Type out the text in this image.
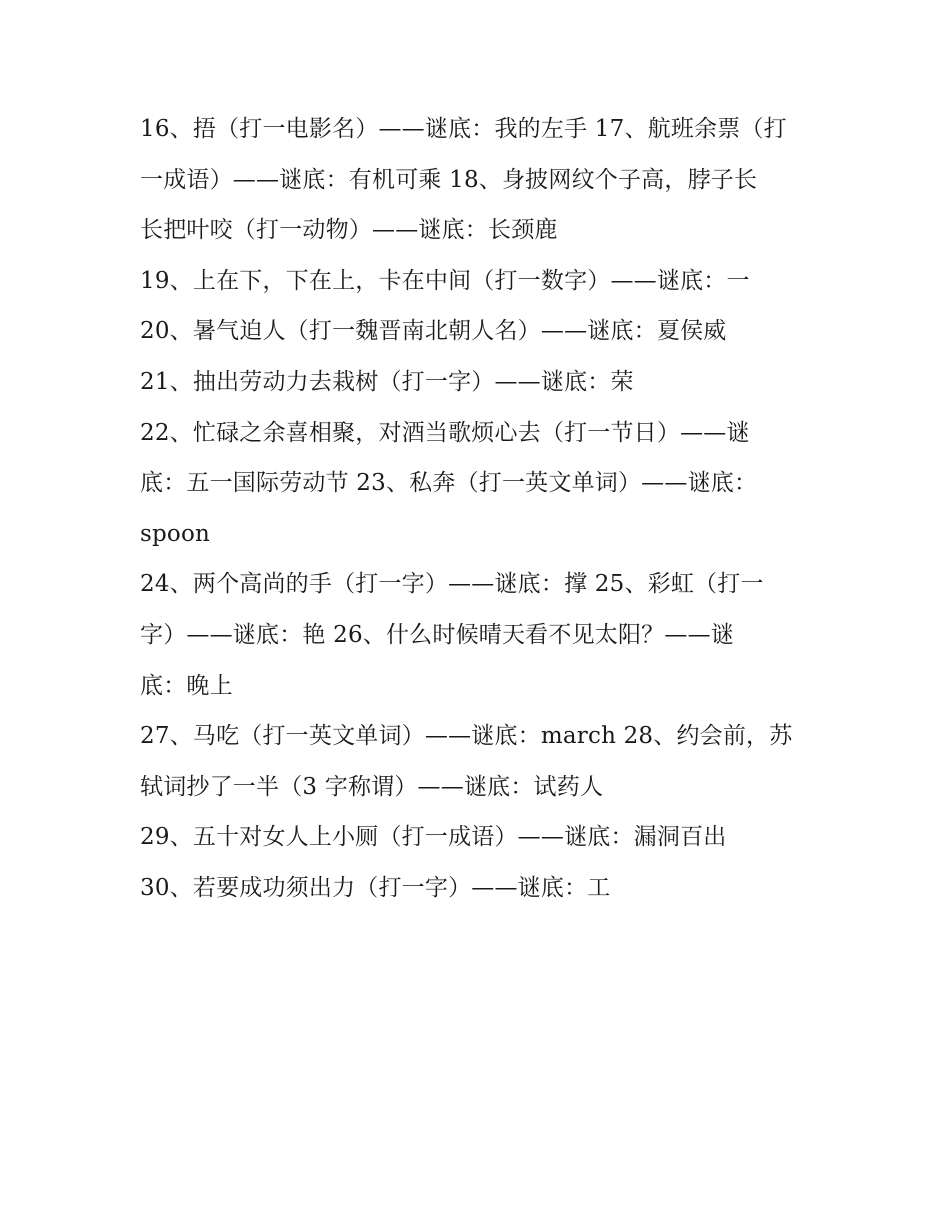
16、捂（打一电影名）——谜底：我的左手 17、航班余票（打
一成语）——谜底：有机可乘 18、身披网纹个子高，脖子长
长把叶咬（打一动物）——谜底：长颈鹿
19、上在下，下在上，卡在中间（打一数字）——谜底：一
20、暑气迫人（打一魏晋南北朝人名）——谜底：夏侯威
21、抽出劳动力去栽树（打一字）——谜底：荣
22、忙碌之余喜相聚，对酒当歌烦心去（打一节日）——谜
底：五一国际劳动节 23、私奔（打一英文单词）——谜底：
spoon
24、两个高尚的手（打一字）——谜底：撑 25、彩虹（打一
字）——谜底：艳 26、什么时候晴天看不见太阳？——谜
底：晚上
27、马吃（打一英文单词）——谜底：march 28、约会前，苏
轼词抄了一半（3 字称谓）——谜底：试药人
29、五十对女人上小厕（打一成语）——谜底：漏洞百出
30、若要成功须出力（打一字）——谜底：工
